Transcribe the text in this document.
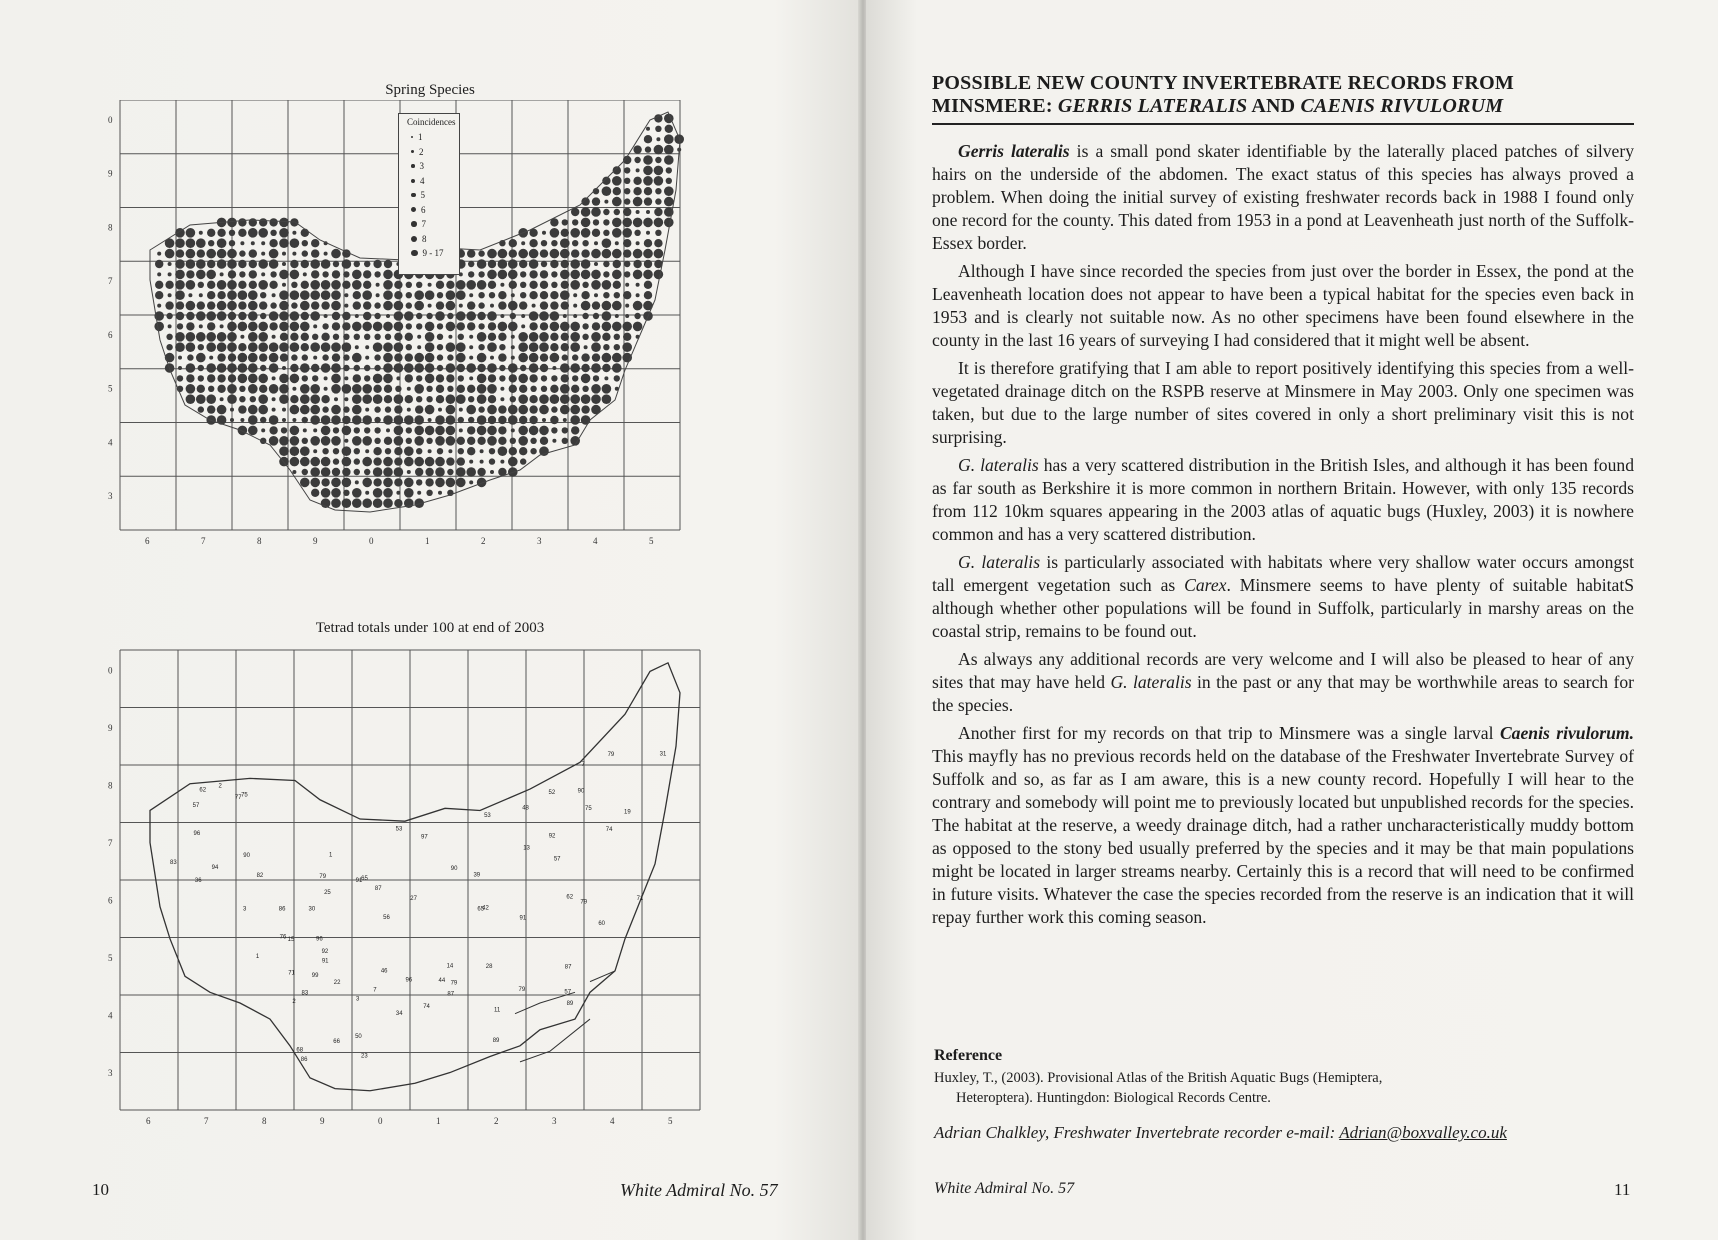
Spring Species
6	7	8	9	0	1	2	3	4	5
0
9
8
7
6
5
4
3
Coincidences
1
2
3
4
5
6
7
8
9 - 17
Tetrad totals under 100 at end of 2003
6	7	8	9	0	1	2	3	4	5
0
9
8
7
6
5
4
3
14
79
48
11
90
79
44
46
79
22
31
96
7
74
25
87
79
42
82
53
86
57
65
94
52
87
34
77
96
27
90
79
15
71
87
97
62
57
53
28
96
83
89
99
91
2
86
60
2
75
74	89
92
68
30
3
1
56
7
71
91
3
1
57
50
92
65
76
75
23
62
66
13
39
19
36
83
91
90
10	White Admiral No. 57
POSSIBLE NEW COUNTY INVERTEBRATE RECORDS FROM
MINSMERE: GERRIS LATERALIS AND CAENIS RIVULORUM

Gerris lateralis is a small pond skater identifiable by the laterally placed patches of silvery hairs on the underside of the abdomen. The exact status of this species has always proved a problem. When doing the initial survey of existing freshwater records back in 1988 I found only one record for the county. This dated from 1953 in a pond at Leavenheath just north of the Suffolk-Essex border.

Although I have since recorded the species from just over the border in Essex, the pond at the Leavenheath location does not appear to have been a typical habitat for the species even back in 1953 and is clearly not suitable now. As no other specimens have been found elsewhere in the county in the last 16 years of surveying I had considered that it might well be absent.

It is therefore gratifying that I am able to report positively identifying this species from a well-vegetated drainage ditch on the RSPB reserve at Minsmere in May 2003. Only one specimen was taken, but due to the large number of sites covered in only a short preliminary visit this is not surprising.

G. lateralis has a very scattered distribution in the British Isles, and although it has been found as far south as Berkshire it is more common in northern Britain. However, with only 135 records from 112 10km squares appearing in the 2003 atlas of aquatic bugs (Huxley, 2003) it is nowhere common and has a very scattered distribution.

G. lateralis is particularly associated with habitats where very shallow water occurs amongst tall emergent vegetation such as Carex. Minsmere seems to have plenty of suitable habitatS although whether other populations will be found in Suffolk, particularly in marshy areas on the coastal strip, remains to be found out.

As always any additional records are very welcome and I will also be pleased to hear of any sites that may have held G. lateralis in the past or any that may be worthwhile areas to search for the species.

Another first for my records on that trip to Minsmere was a single larval Caenis rivulorum. This mayfly has no previous records held on the database of the Freshwater Invertebrate Survey of Suffolk and so, as far as I am aware, this is a new county record. Hopefully I will hear to the contrary and somebody will point me to previously located but unpublished records for the species. The habitat at the reserve, a weedy drainage ditch, had a rather uncharacteristically muddy bottom as opposed to the stony bed usually preferred by the species and it may be that main populations might be located in larger streams nearby. Certainly this is a record that will need to be confirmed in future visits. Whatever the case the species recorded from the reserve is an indication that it will repay further work this coming season.

Reference
Huxley, T., (2003). Provisional Atlas of the British Aquatic Bugs (Hemiptera,
Heteroptera). Huntingdon: Biological Records Centre.
Adrian Chalkley, Freshwater Invertebrate recorder e-mail: Adrian@boxvalley.co.uk
White Admiral No. 57	11
